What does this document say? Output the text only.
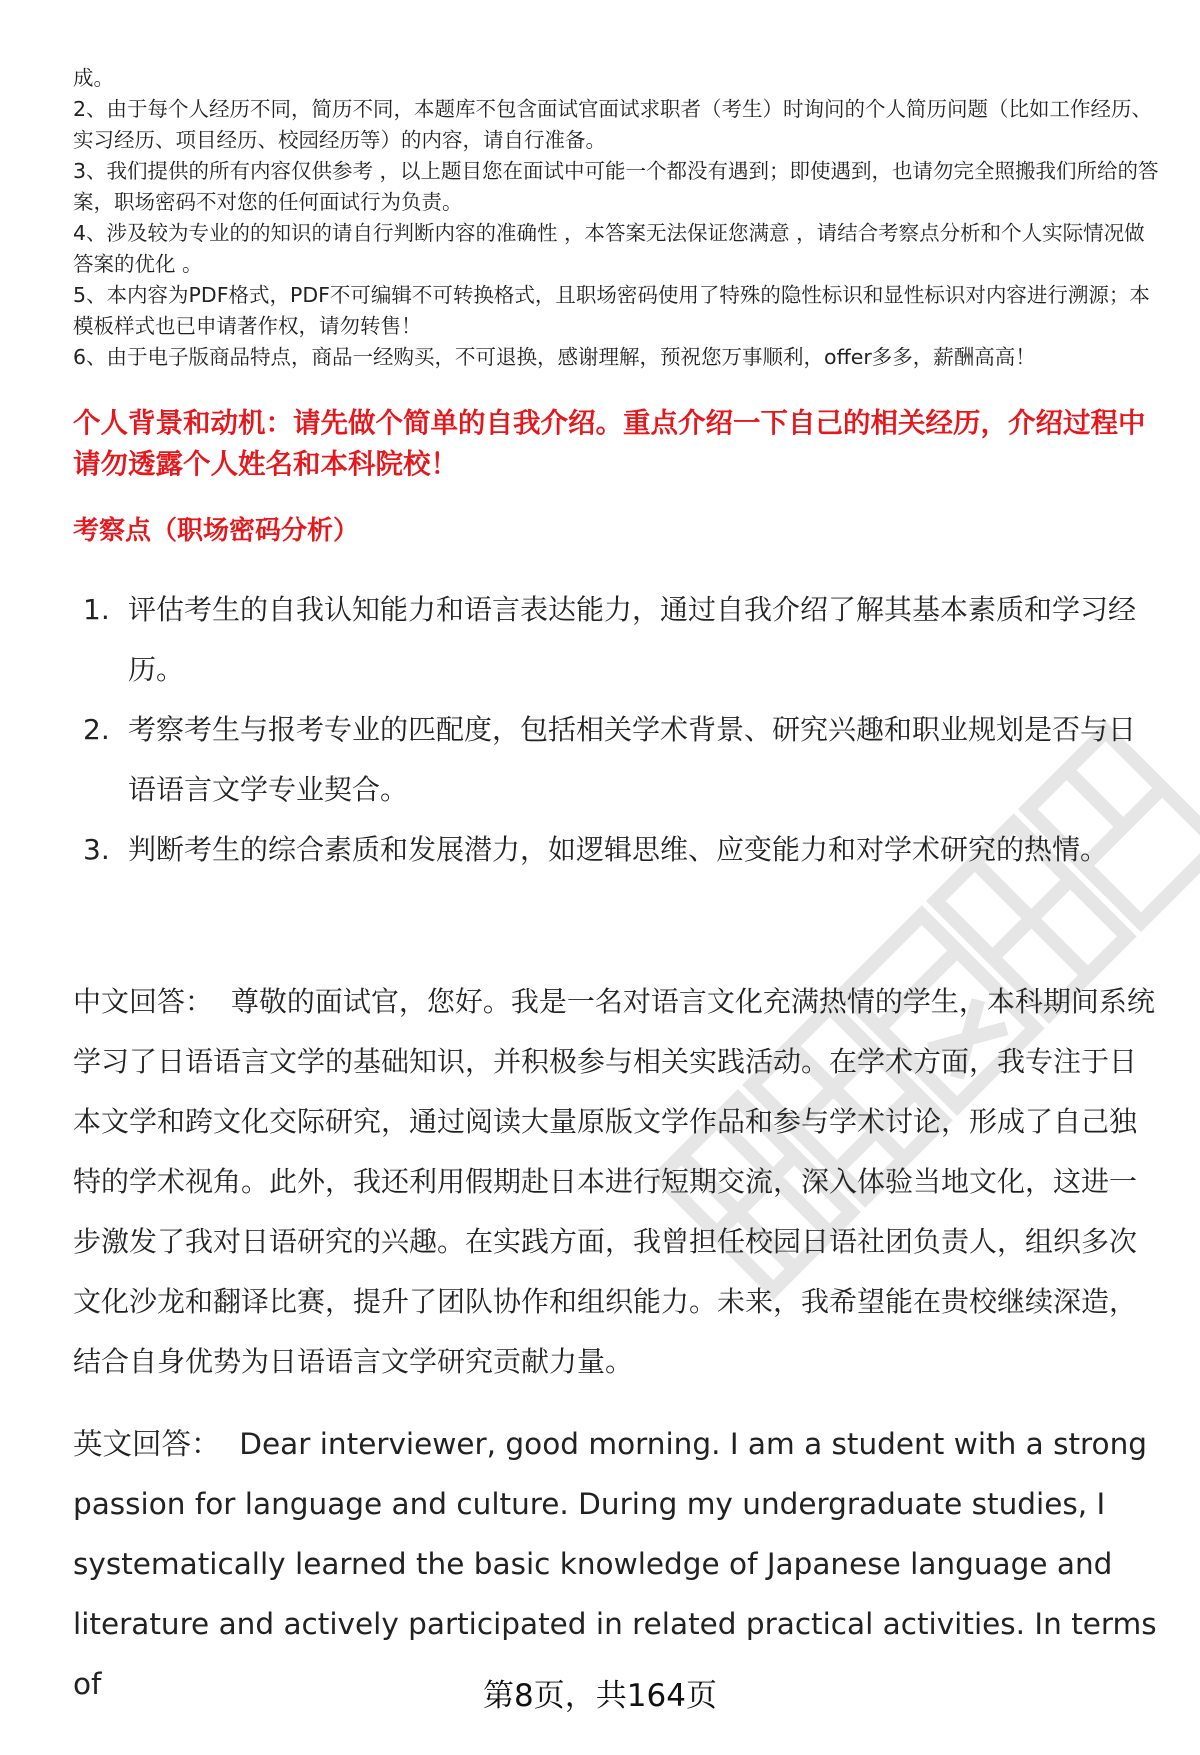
成。

2、由于每个人经历不同，简历不同，本题库不包含面试官面试求职者（考生）时询问的个人简历问题（比如工作经历、实习经历、项目经历、校园经历等）的内容，请自行准备。

3、我们提供的所有内容仅供参考 ，以上题目您在面试中可能一个都没有遇到；即使遇到，也请勿完全照搬我们所给的答案，职场密码不对您的任何面试行为负责。

4、涉及较为专业的的知识的请自行判断内容的准确性 ，本答案无法保证您满意 ，请结合考察点分析和个人实际情况做答案的优化 。

5、本内容为PDF格式，PDF不可编辑不可转换格式，且职场密码使用了特殊的隐性标识和显性标识对内容进行溯源；本模板样式也已申请著作权，请勿转售！

6、由于电子版商品特点，商品一经购买，不可退换，感谢理解，预祝您万事顺利，offer多多，薪酬高高！

个人背景和动机：请先做个简单的自我介绍。重点介绍一下自己的相关经历，介绍过程中请勿透露个人姓名和本科院校！
考察点（职场密码分析）
1. 评估考生的自我认知能力和语言表达能力，通过自我介绍了解其基本素质和学习经历。
2. 考察考生与报考专业的匹配度，包括相关学术背景、研究兴趣和职业规划是否与日语语言文学专业契合。
3. 判断考生的综合素质和发展潜力，如逻辑思维、应变能力和对学术研究的热情。

中文回答： 尊敬的面试官，您好。我是一名对语言文化充满热情的学生，本科期间系统学习了日语语言文学的基础知识，并积极参与相关实践活动。在学术方面，我专注于日本文学和跨文化交际研究，通过阅读大量原版文学作品和参与学术讨论，形成了自己独特的学术视角。此外，我还利用假期赴日本进行短期交流，深入体验当地文化，这进一步激发了我对日语研究的兴趣。在实践方面，我曾担任校园日语社团负责人，组织多次文化沙龙和翻译比赛，提升了团队协作和组织能力。未来，我希望能在贵校继续深造，结合自身优势为日语语言文学研究贡献力量。

英文回答： Dear interviewer, good morning. I am a student with a strong passion for language and culture. During my undergraduate studies, I systematically learned the basic knowledge of Japanese language and literature and actively participated in related practical activities. In terms of	第8页，共164页
